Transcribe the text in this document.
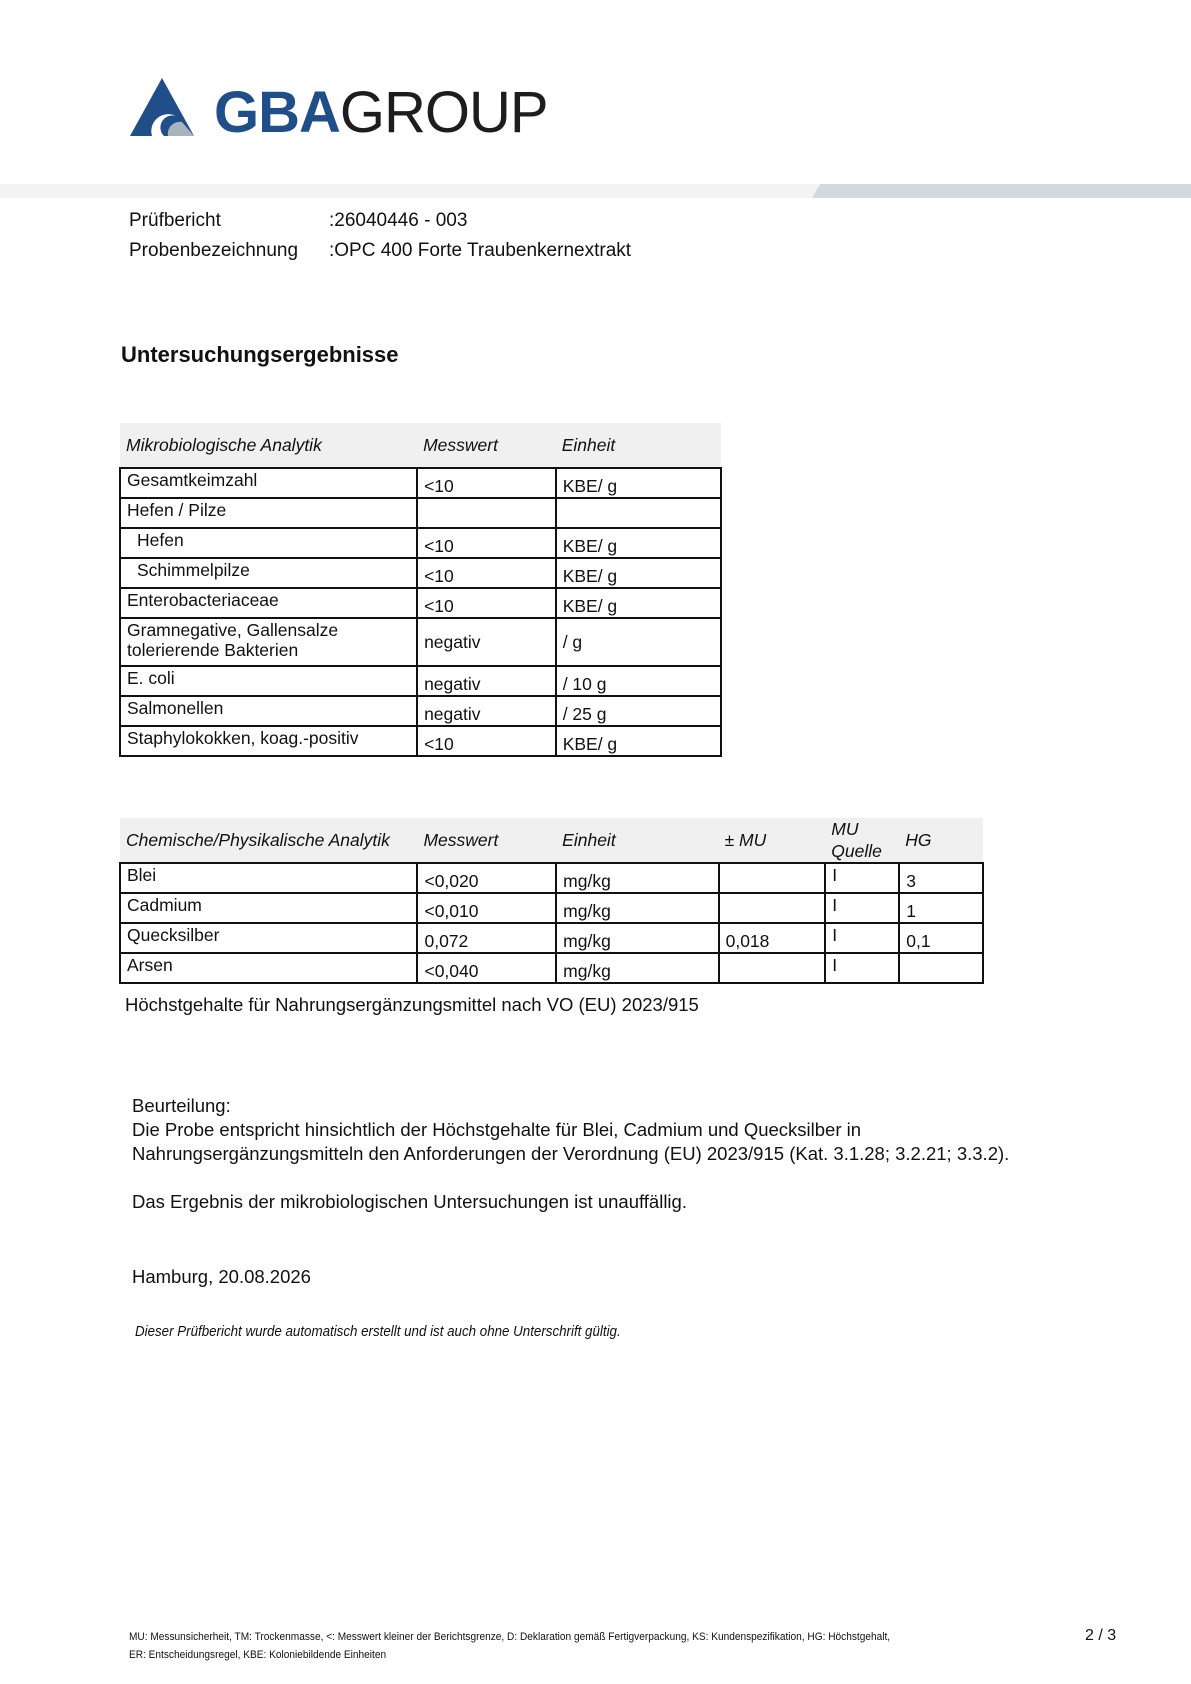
GBAGROUP
Prüfbericht	:26040446 - 003
Probenbezeichnung :OPC 400 Forte Traubenkernextrakt
Untersuchungsergebnisse
Mikrobiologische Analytik	Messwert	Einheit
Gesamtkeimzahl	<10	KBE/ g
Hefen / Pilze		
Hefen	<10	KBE/ g
Schimmelpilze	<10	KBE/ g
Enterobacteriaceae	<10	KBE/ g
Gramnegative, Gallensalze tolerierende Bakterien	negativ	/ g
E. coli	negativ	/ 10 g
Salmonellen	negativ	/ 25 g
Staphylokokken, koag.-positiv	<10	KBE/ g
Chemische/Physikalische Analytik	Messwert	Einheit	± MU	MU Quelle	HG
Blei	<0,020	mg/kg		I	3
Cadmium	<0,010	mg/kg		I	1
Quecksilber	0,072	mg/kg	0,018	I	0,1
Arsen	<0,040	mg/kg		I	
Höchstgehalte für Nahrungsergänzungsmittel nach VO (EU) 2023/915

Beurteilung:

Die Probe entspricht hinsichtlich der Höchstgehalte für Blei, Cadmium und Quecksilber in

Nahrungsergänzungsmitteln den Anforderungen der Verordnung (EU) 2023/915 (Kat. 3.1.28; 3.2.21; 3.3.2).

Das Ergebnis der mikrobiologischen Untersuchungen ist unauffällig.

Hamburg, 20.08.2026
Dieser Prüfbericht wurde automatisch erstellt und ist auch ohne Unterschrift gültig.
MU: Messunsicherheit, TM: Trockenmasse, <: Messwert kleiner der Berichtsgrenze, D: Deklaration gemäß Fertigverpackung, KS: Kundenspezifikation, HG: Höchstgehalt,
ER: Entscheidungsregel, KBE: Koloniebildende Einheiten
2 / 3
